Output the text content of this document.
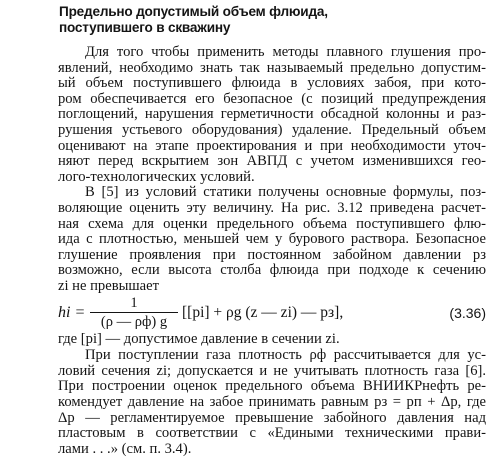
Предельно допустимый объем флюида,
поступившего в скважину
Для того чтобы применить методы плавного глушения про-
явлений, необходимо знать так называемый предельно допустим-
ый объем поступившего флюида в условиях забоя, при кото-
ром обеспечивается его безопасное (с позиций предупреждения
поглощений, нарушения герметичности обсадной колонны и раз-
рушения устьевого оборудования) удаление. Предельный объем
оценивают на этапе проектирования и при необходимости уточ-
няют перед вскрытием зон АВПД с учетом изменившихся гео-
лого-технологических условий.
В [5] из условий статики получены основные формулы, поз-
воляющие оценить эту величину. На рис. 3.12 приведена расчет-
ная схема для оценки предельного объема поступившего флю-
ида с плотностью, меньшей чем у бурового раствора. Безопасное
глушение проявления при постоянном забойном давлении pз
hi =
1
(ρ — ρф) g
[[pi] + ρg (z — zi) — pз],	(3.36)
возможно, если высота столба флюида при подходе к сечению
где [pi] — допустимое давление в сечении zi.
При поступлении газа плотность ρф рассчитывается для ус-
ловий сечения zi; допускается и не учитывать плотность газа [6].
При построении оценок предельного объема ВНИИКРнефть ре-
комендует давление на забое принимать равным pз = pп + Δp, где
Δp — регламентируемое превышение забойного давления над
пластовым в соответствии с «Едиными техническими прави-
лами . . .» (см. п. 3.4).
zi не превышает
